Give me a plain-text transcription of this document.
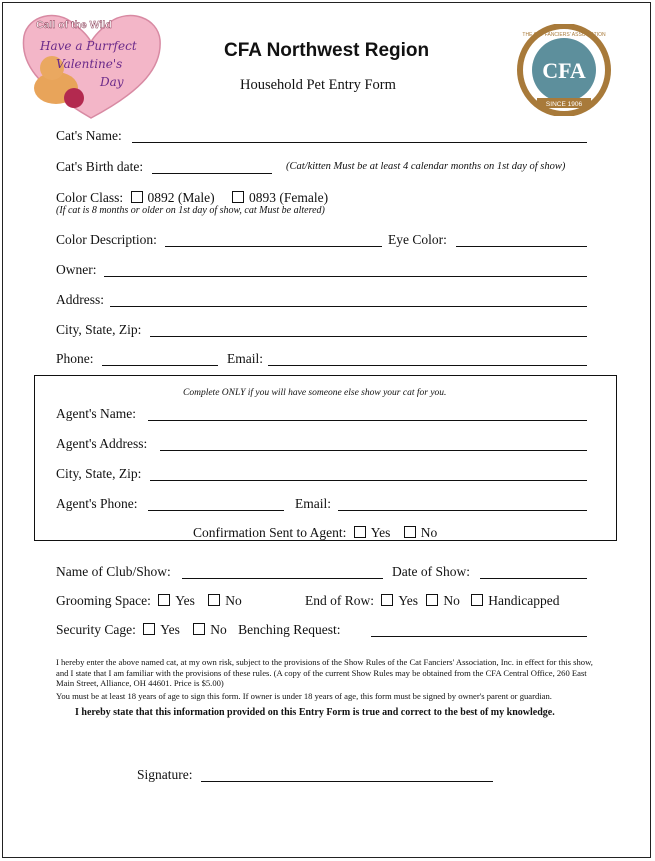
Call of the Wild
Have a Purrfect
Valentine's
Day
CFA Northwest Region
Household Pet Entry Form
CFA
SINCE 1906
THE CAT FANCIERS' ASSOCIATION
Cat's Name:
Cat's Birth date:	(Cat/kitten Must be at least 4 calendar months on 1st day of show)
Color Class: 0892 (Male)	0893 (Female)
(If cat is 8 months or older on 1st day of show, cat Must be altered)
Color Description:	Eye Color:
Owner:
Address:
City, State, Zip:
Phone:	Email:
Complete ONLY if you will have someone else show your cat for you.
Agent's Name:
Agent's Address:
City, State, Zip:
Agent's Phone:	Email:
Confirmation Sent to Agent: Yes No
Name of Club/Show:	Date of Show:
Grooming Space: Yes No	End of Row: Yes No Handicapped
Security Cage: Yes No Benching Request:
I hereby enter the above named cat, at my own risk, subject to the provisions of the Show Rules of the Cat Fanciers' Association, Inc. in effect for this show, and I state that I am familiar with the provisions of these rules. (A copy of the current Show Rules may be obtained from the CFA Central Office, 260 East Main Street, Alliance, OH 44601. Price is $5.00)
You must be at least 18 years of age to sign this form. If owner is under 18 years of age, this form must be signed by owner's parent or guardian.
I hereby state that this information provided on this Entry Form is true and correct to the best of my knowledge.
Signature:
